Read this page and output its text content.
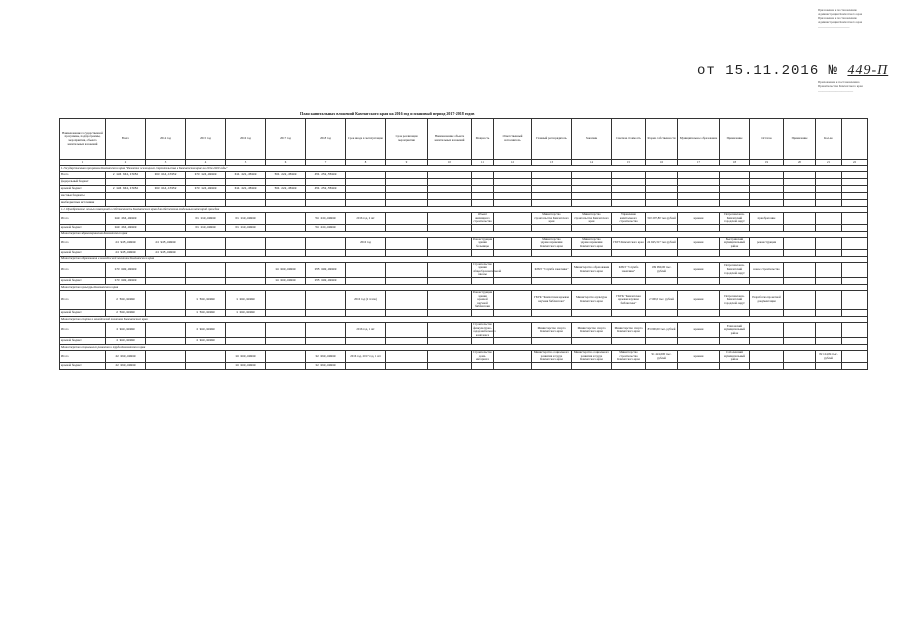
Приложение к постановлению
Администрации Камчатского края
Приложение к постановлению
Администрации Камчатского края
_____________________
от 15.11.2016 № 449-П
Приложение к постановлению
Правительства Камчатского края
______________________
План капитальных вложений Камчатского края на 2016 год и плановый период 2017-2018 годов
Наименование государственной программы, подпрограммы, мероприятия, объекта капитальных вложений	Всего	2014 год	2015 год	2016 год	2017 год	2018 год	Срок ввода в эксплуатацию	Срок реализации мероприятия	Наименование объекта капитальных вложений	Мощность	Ответственный исполнитель	Главный распорядитель	Заказчик	Сметная стоимость	Форма собственности	Муниципальное образование	Примечание	Остаток	Примечание	Кол-во	
1	2	3	4	5	6	7	8	9	10	11	12	13	14	15	16	17	18	19	20	21	22
I. Государственная программа Камчатского края "Развитие жилищного строительства в Камчатском крае на 2014-2020 годы"																					
Всего	2 186 664,17052	363 014,17052	373 124,00000	611 421,45000	561 222,45000	451 252,55000															
федеральный бюджет																					
краевой бюджет	2 186 664,17052	363 014,17052	373 124,00000	611 421,45000	561 222,45000	451 252,55000															
местные бюджеты																					
внебюджетные источники																					
1.1. Приобретение жилых помещений в собственность Камчатского края для обеспечения отдельных категорий граждан																					
Итого	180 464,00000		61 110,00000	61 110,00000		58 244,00000	2016 год, 2 шт			Объект жилищного строительства		Министерство строительства Камчатского края	Министерство строительства Камчатского края	Управление капитального строительства	310 297,80 тыс.рублей	краевая	Петропавловск-Камчатский городской округ	приобретение			
краевой бюджет	180 464,00000		61 110,00000	61 110,00000		58 244,00000															
Министерство здравоохранения Камчатского края																					
Итого	24 945,00000	24 945,00000					2016 год			Реконструкция здания больницы		Министерство здравоохранения Камчатского края	Министерство здравоохранения Камчатского края	ГБУЗ Камчатского края	24 945,317 тыс.рублей	краевая	Быстринский муниципальный район	реконструкция			
краевой бюджет	24 945,00000	24 945,00000																			
Министерство образования и молодежной политики Камчатского края																					
Итого	173 000,00000				18 000,00000	155 000,00000				Строительство здания общеобразовательной школы		КГКУ "Служба заказчика"	Министерство образования Камчатского края	КГКУ "Служба заказчика"	199 990,00 тыс. рублей	краевая	Петропавловск-Камчатский городской округ	новое строительство			
краевой бюджет	173 000,00000				18 000,00000	155 000,00000															
Министерство культуры Камчатского края																					
Итого	2 500,00000		1 500,00000	1 000,00000			2016 год (2 этапа)			Реконструкция здания краевой научной библиотеки		ГБУК "Камчатская краевая научная библиотека"	Министерство культуры Камчатского края	ГБУК "Камчатская краевая научная библиотека"	2 500,0 тыс. рублей	краевая	Петропавловск-Камчатский городской округ	Разработка проектной документации			
краевой бюджет	2 500,00000		1 500,00000	1 000,00000																	
Министерство спорта и молодежной политики Камчатского края																					
Итого	4 980,00000		4 980,00000				2016 год, 1 шт			Строительство физкультурно-оздоровительного комплекса		Министерство спорта Камчатского края	Министерство спорта Камчатского края	Министерство спорта Камчатского края	83 000,00 тыс. рублей	краевая	Елизовский муниципальный район				
краевой бюджет	4 980,00000		4 980,00000																		
Министерство социального развития и труда Камчатского края																					
Итого	42 090,00000			10 000,00000		32 090,00000	2016 год, 2017 год, 1 шт			Строительство дома-интерната		Министерство социального развития и труда Камчатского края	Министерство социального развития и труда Камчатского края	Министерство строительства Камчатского края	91 424,000 тыс. рублей	краевая	Соболевский муниципальный район			82 124,84 тыс. рублей	
краевой бюджет	42 090,00000			10 000,00000		32 090,00000															
